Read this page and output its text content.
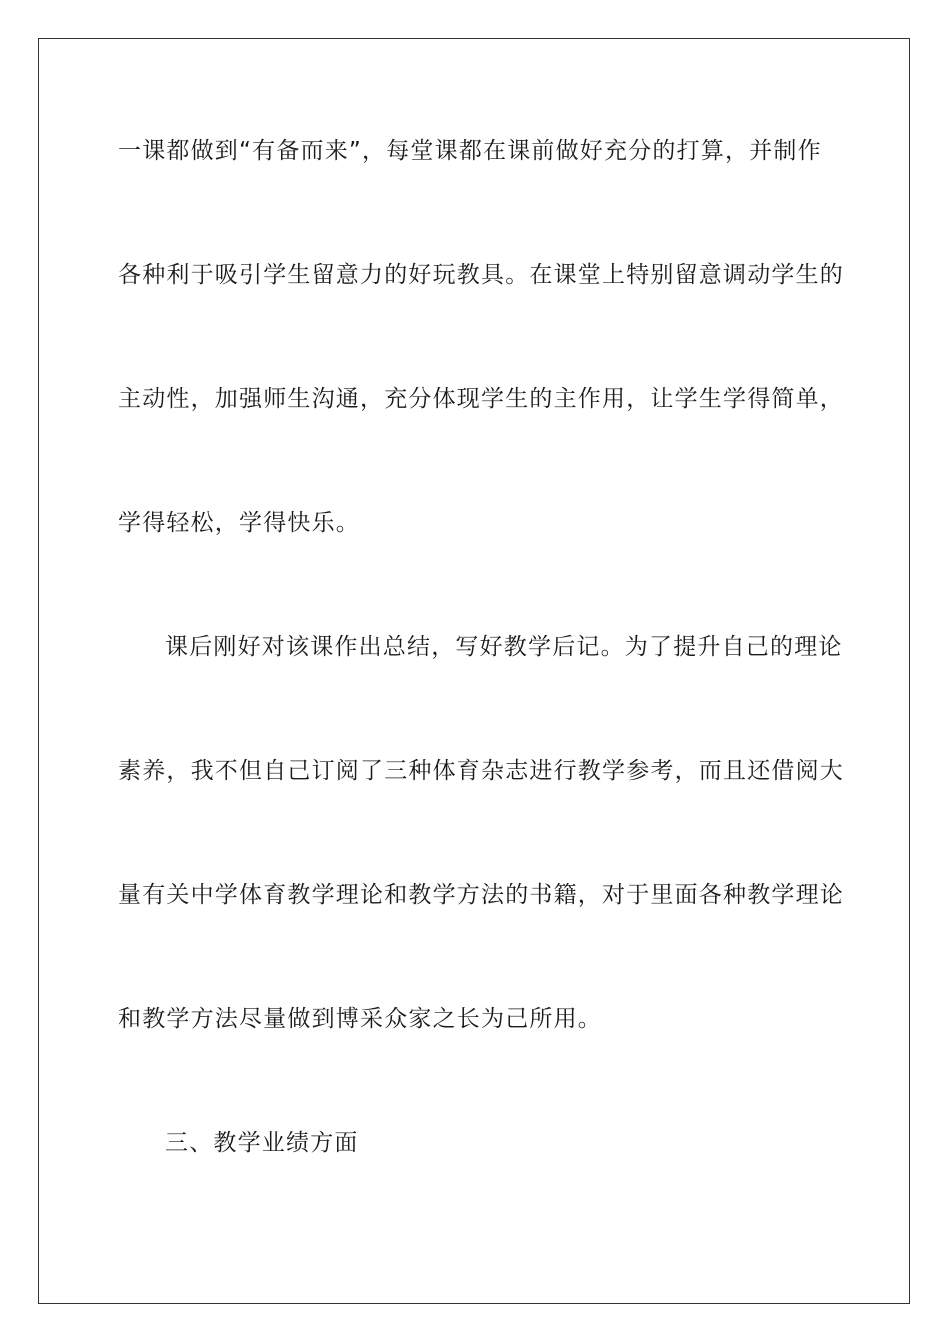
一课都做到“有备而来”，每堂课都在课前做好充分的打算，并制作
各种利于吸引学生留意力的好玩教具。在课堂上特别留意调动学生的
主动性，加强师生沟通，充分体现学生的主作用，让学生学得简单，
学得轻松，学得快乐。
课后刚好对该课作出总结，写好教学后记。为了提升自己的理论
素养，我不但自己订阅了三种体育杂志进行教学参考，而且还借阅大
量有关中学体育教学理论和教学方法的书籍，对于里面各种教学理论
和教学方法尽量做到博采众家之长为己所用。
三、教学业绩方面
